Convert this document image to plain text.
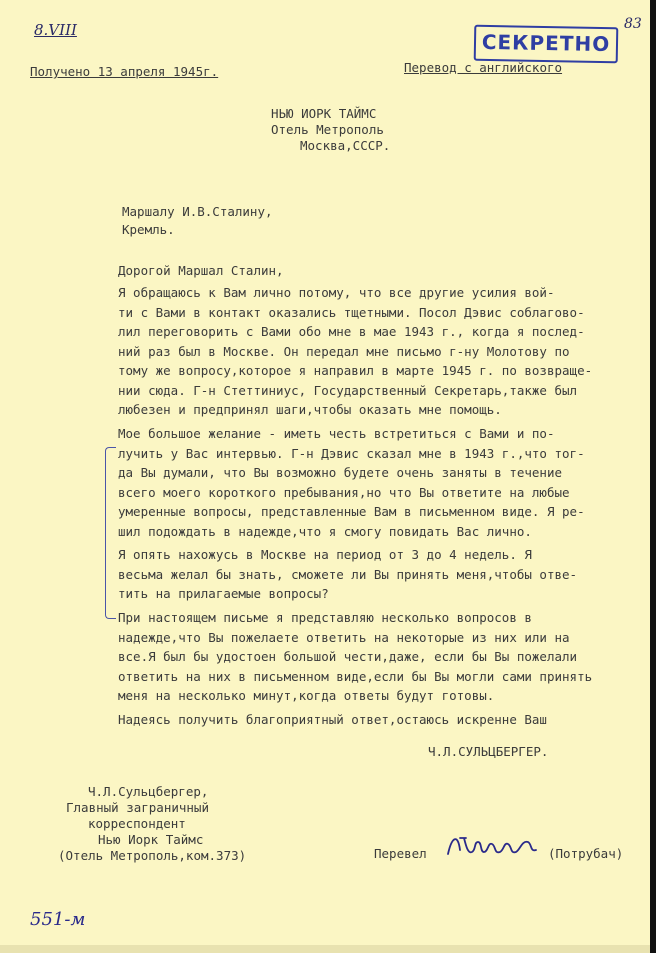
8.VIII	СЕКРЕТНО
83
Получено 13 апреля 1945г.	Перевод с английского
НЬЮ ИОРК ТАЙМС
Отель Метрополь
Москва,СССР.
Маршалу И.В.Сталину,
Кремль.
Дорогой Маршал Сталин,
Я обращаюсь к Вам лично потому, что все другие усилия вой-
ти с Вами в контакт оказались тщетными. Посол Дэвис соблагово-
лил переговорить с Вами обо мне в мае 1943 г., когда я послед-
ний раз был в Москве. Он передал мне письмо г-ну Молотову по
тому же вопросу,которое я направил в марте 1945 г. по возвраще-
нии сюда. Г-н Стеттиниус, Государственный Секретарь,также был
любезен и предпринял шаги,чтобы оказать мне помощь.
Мое большое желание - иметь честь встретиться с Вами и по-
лучить у Вас интервью. Г-н Дэвис сказал мне в 1943 г.,что тог-
да Вы думали, что Вы возможно будете очень заняты в течение
всего моего короткого пребывания,но что Вы ответите на любые
умеренные вопросы, представленные Вам в письменном виде. Я ре-
шил подождать в надежде,что я смогу повидать Вас лично.
Я опять нахожусь в Москве на период от 3 до 4 недель. Я
весьма желал бы знать, сможете ли Вы принять меня,чтобы отве-
тить на прилагаемые вопросы?
При настоящем письме я представляю несколько вопросов в
надежде,что Вы пожелаете ответить на некоторые из них или на
все.Я был бы удостоен большой чести,даже, если бы Вы пожелали
ответить на них в письменном виде,если бы Вы могли сами принять
меня на несколько минут,когда ответы будут готовы.
Надеясь получить благоприятный ответ,остаюсь искренне Ваш
Ч.Л.СУЛЬЦБЕРГЕР.
Ч.Л.Сульцбергер,
Главный заграничный
корреспондент
Нью Иорк Таймс
(Отель Метрополь,ком.373)	Перевел	(Потрубач)
551-м
